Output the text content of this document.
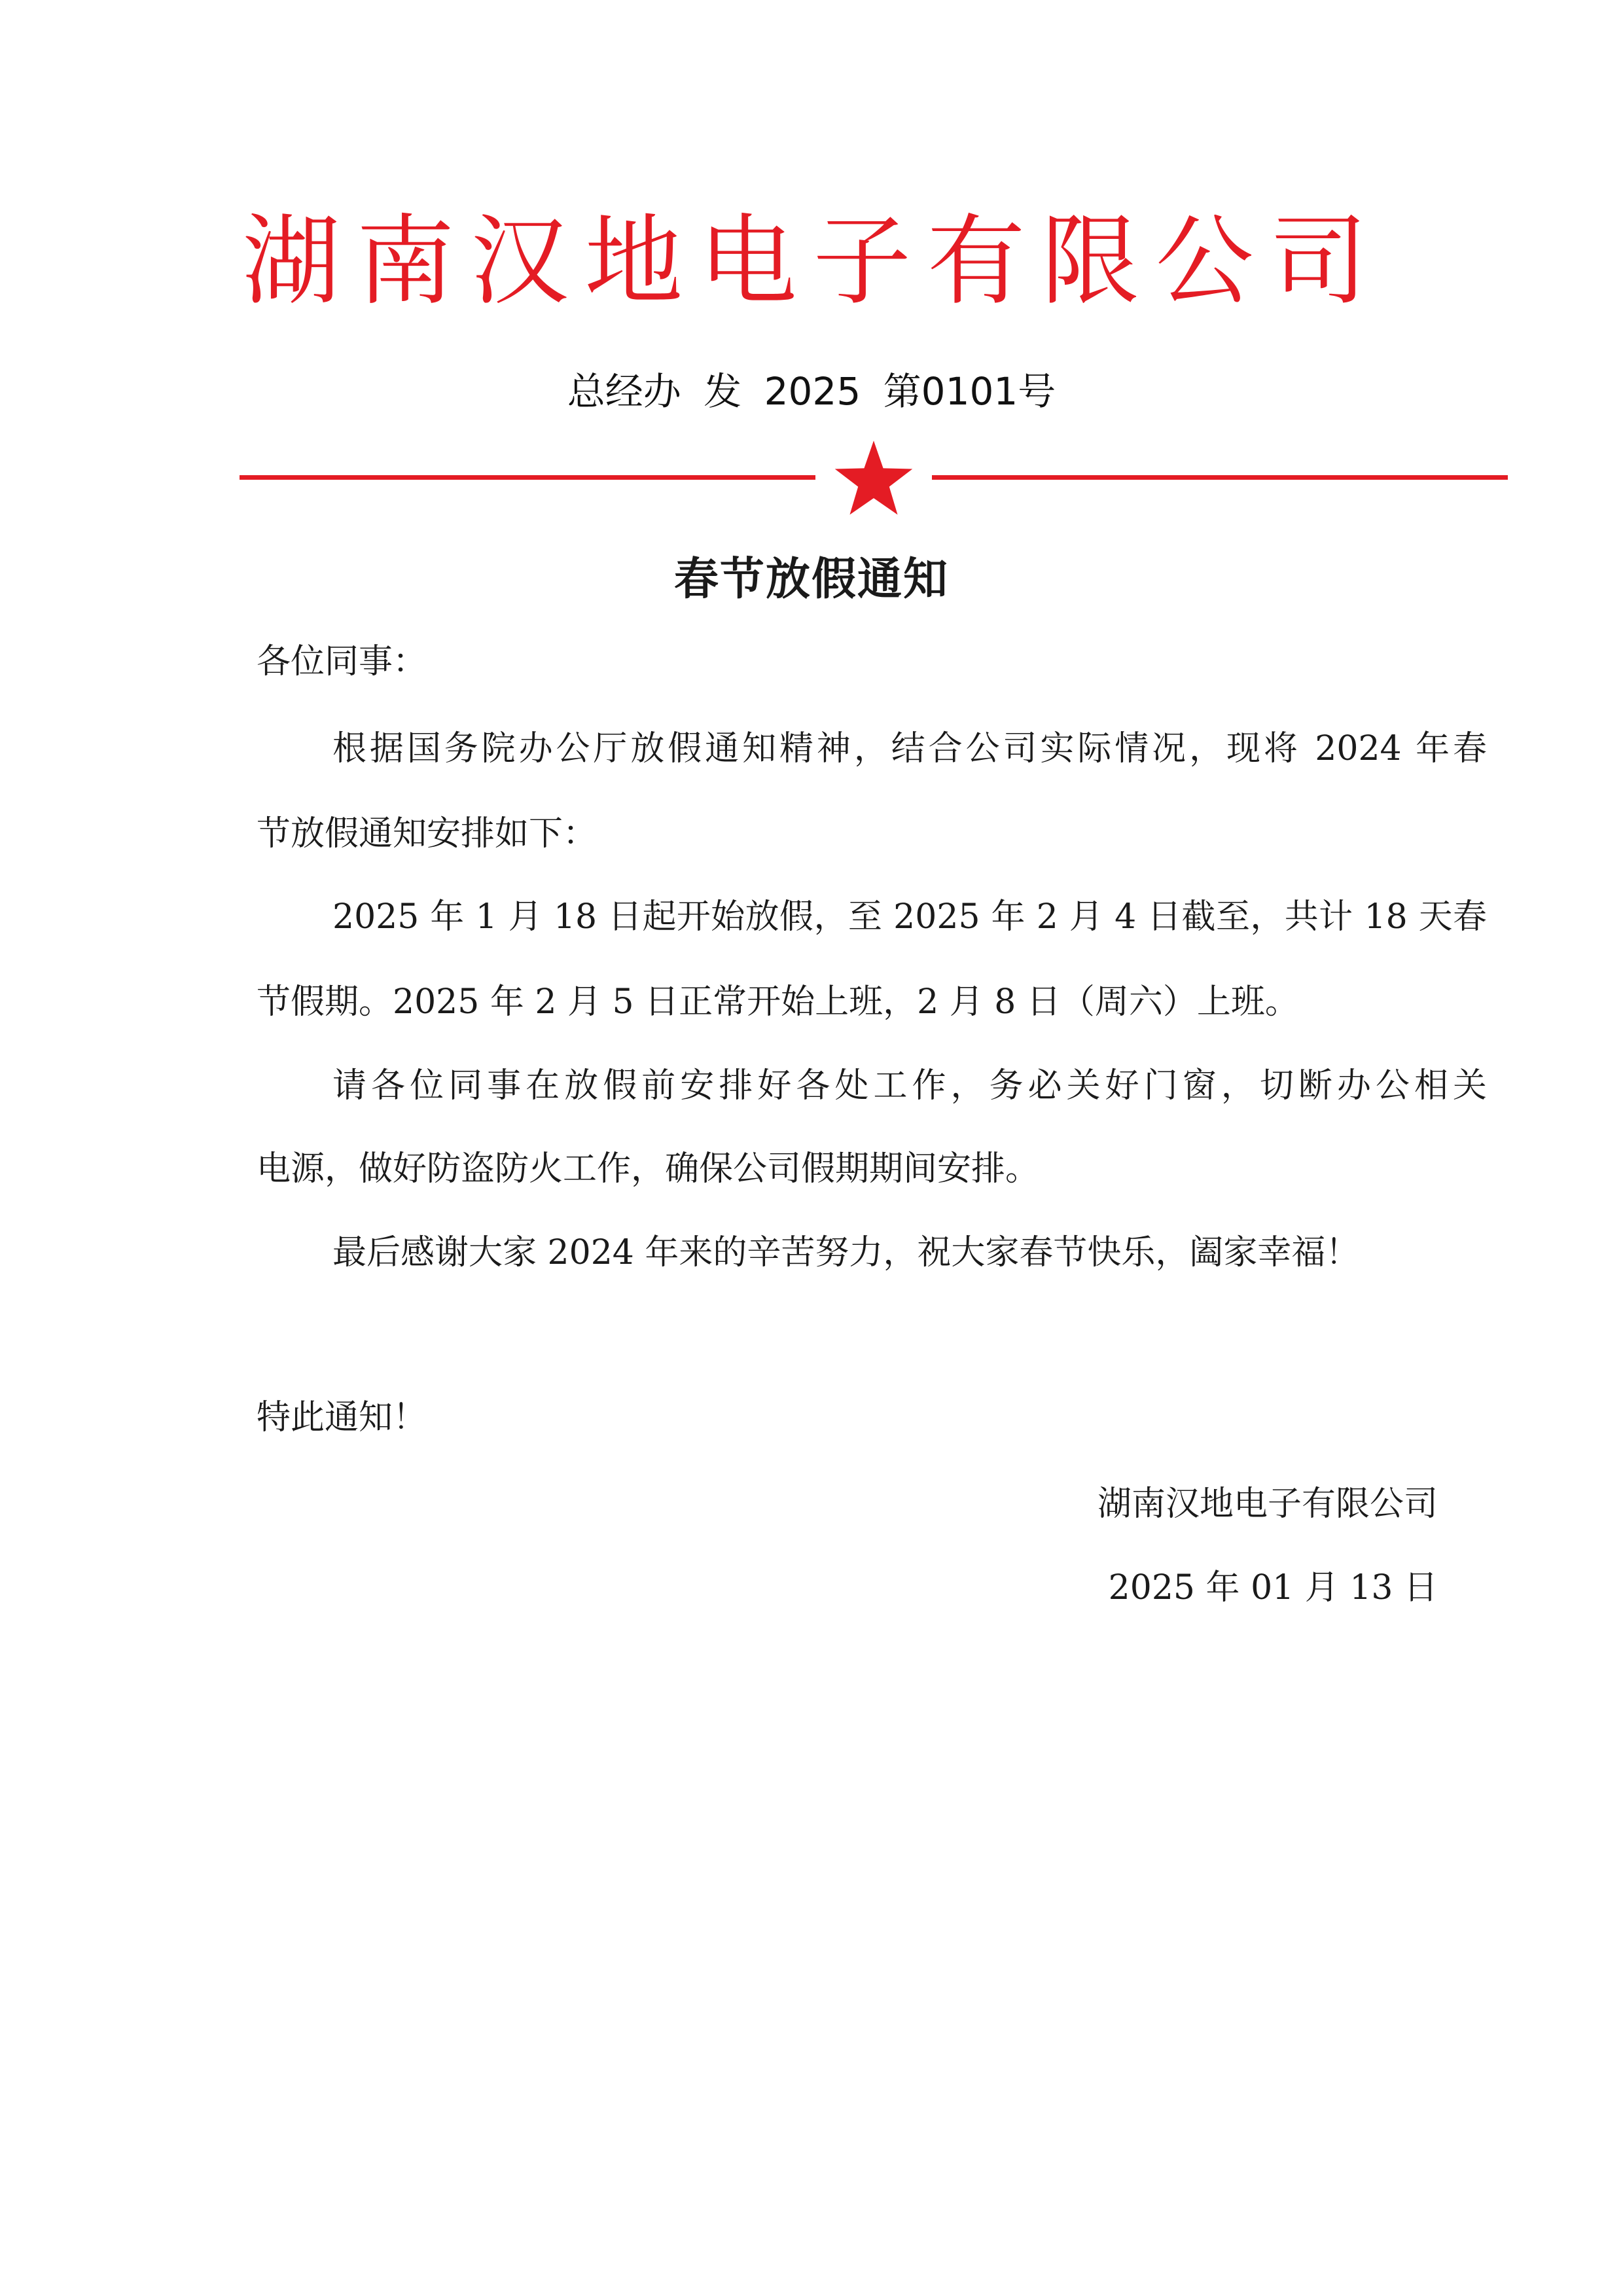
湖 南 汉 地 电 子 有 限 公 司
总经办 发 2025 第0101号
春节放假通知
各位同事：
根据国务院办公厅放假通知精神，结合公司实际情况，现将 2024 年春
节放假通知安排如下：
2025 年 1 月 18 日起开始放假，至 2025 年 2 月 4 日截至，共计 18 天春
节假期。2025 年 2 月 5 日正常开始上班，2 月 8 日（周六）上班。
请各位同事在放假前安排好各处工作，务必关好门窗，切断办公相关
电源，做好防盗防火工作，确保公司假期期间安排。
最后感谢大家 2024 年来的辛苦努力，祝大家春节快乐，阖家幸福！
特此通知！
湖南汉地电子有限公司
2025 年 01 月 13 日
